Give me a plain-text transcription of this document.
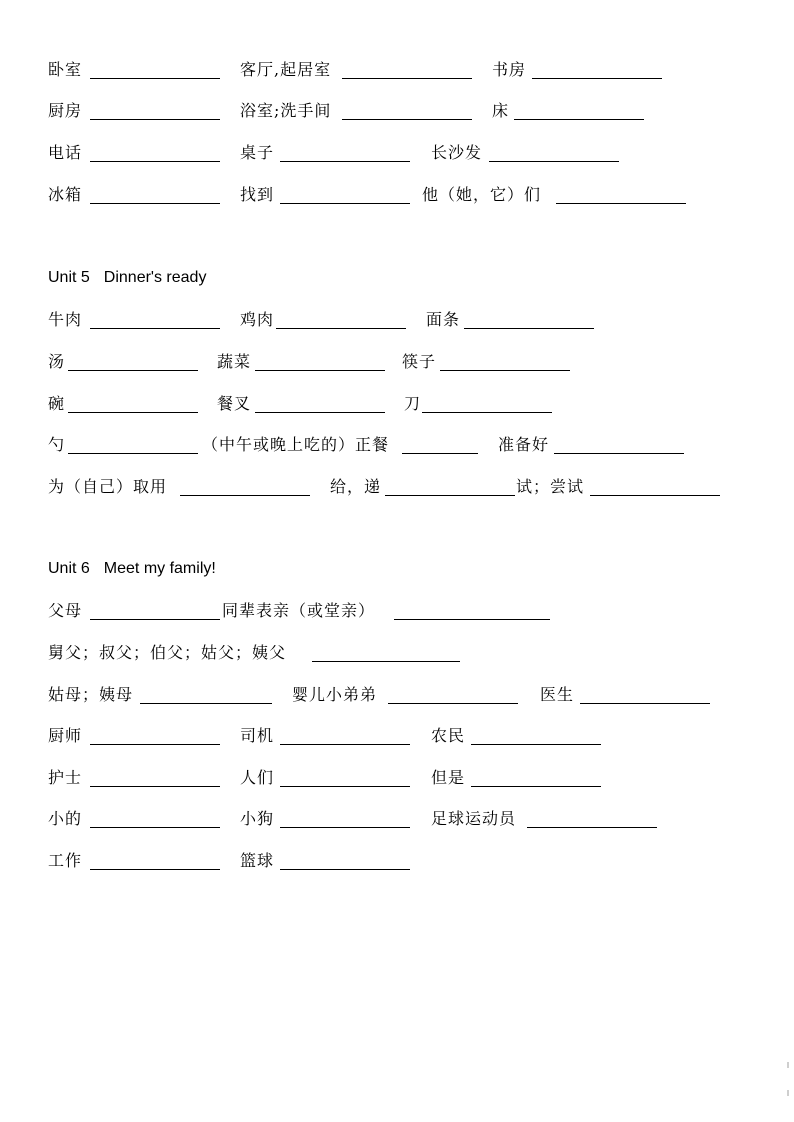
卧室	客厅,起居室	书房
厨房	浴室;洗手间	床
电话	桌子	长沙发
冰箱	找到	他（她，它）们
Unit 5 Dinner's ready
牛肉	鸡肉	面条
汤	蔬菜	筷子
碗	餐叉	刀
勺	（中午或晚上吃的）正餐	准备好
为（自己）取用	给，递	试；尝试
Unit 6 Meet my family!
父母	同辈表亲（或堂亲）
舅父；叔父；伯父；姑父；姨父
姑母；姨母	婴儿小弟弟	医生
厨师	司机	农民
护士	人们	但是
小的	小狗	足球运动员
工作	篮球
